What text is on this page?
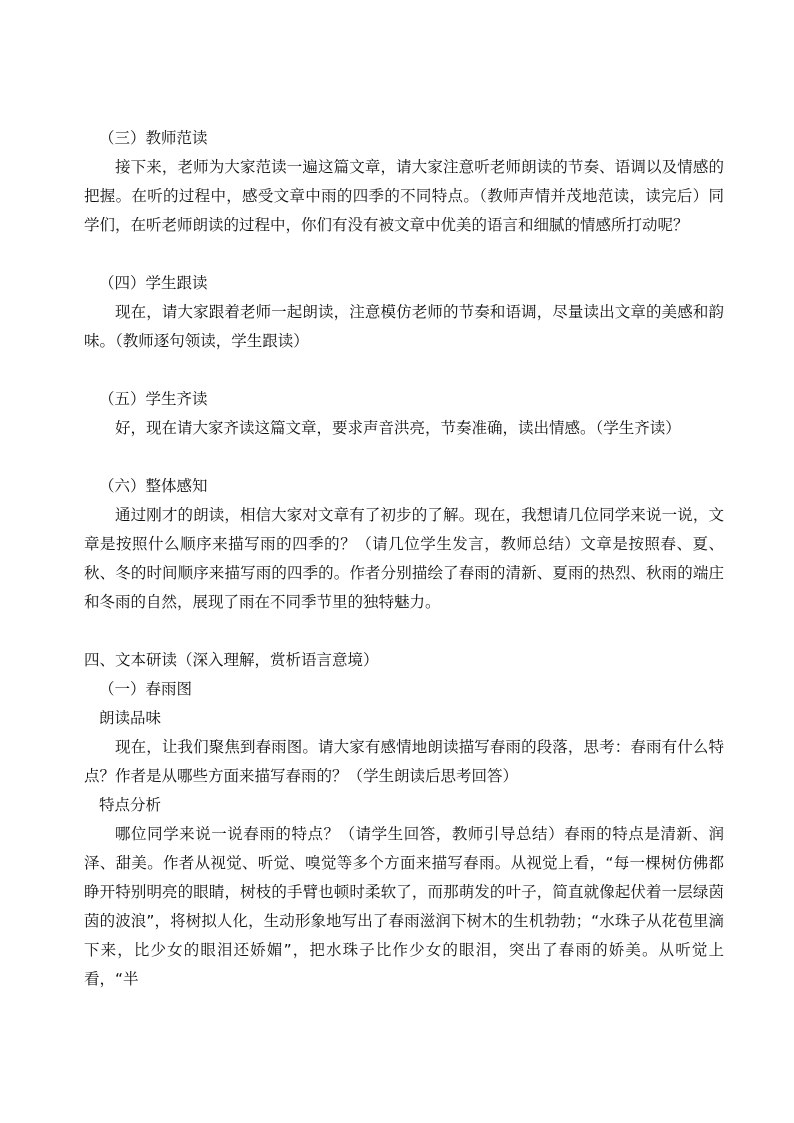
（三）教师范读

接下来，老师为大家范读一遍这篇文章，请大家注意听老师朗读的节奏、语调以及情感的把握。在听的过程中，感受文章中雨的四季的不同特点。（教师声情并茂地范读，读完后）同学们，在听老师朗读的过程中，你们有没有被文章中优美的语言和细腻的情感所打动呢？

（四）学生跟读

现在，请大家跟着老师一起朗读，注意模仿老师的节奏和语调，尽量读出文章的美感和韵味。（教师逐句领读，学生跟读）

（五）学生齐读

好，现在请大家齐读这篇文章，要求声音洪亮，节奏准确，读出情感。（学生齐读）

（六）整体感知

通过刚才的朗读，相信大家对文章有了初步的了解。现在，我想请几位同学来说一说，文章是按照什么顺序来描写雨的四季的？（请几位学生发言，教师总结）文章是按照春、夏、秋、冬的时间顺序来描写雨的四季的。作者分别描绘了春雨的清新、夏雨的热烈、秋雨的端庄和冬雨的自然，展现了雨在不同季节里的独特魅力。

四、文本研读（深入理解，赏析语言意境）

（一）春雨图

朗读品味

现在，让我们聚焦到春雨图。请大家有感情地朗读描写春雨的段落，思考：春雨有什么特点？作者是从哪些方面来描写春雨的？（学生朗读后思考回答）

特点分析

哪位同学来说一说春雨的特点？（请学生回答，教师引导总结）春雨的特点是清新、润泽、甜美。作者从视觉、听觉、嗅觉等多个方面来描写春雨。从视觉上看，“每一棵树仿佛都睁开特别明亮的眼睛，树枝的手臂也顿时柔软了，而那萌发的叶子，简直就像起伏着一层绿茵茵的波浪”，将树拟人化，生动形象地写出了春雨滋润下树木的生机勃勃；“水珠子从花苞里滴下来，比少女的眼泪还娇媚”，把水珠子比作少女的眼泪，突出了春雨的娇美。从听觉上看，“半
